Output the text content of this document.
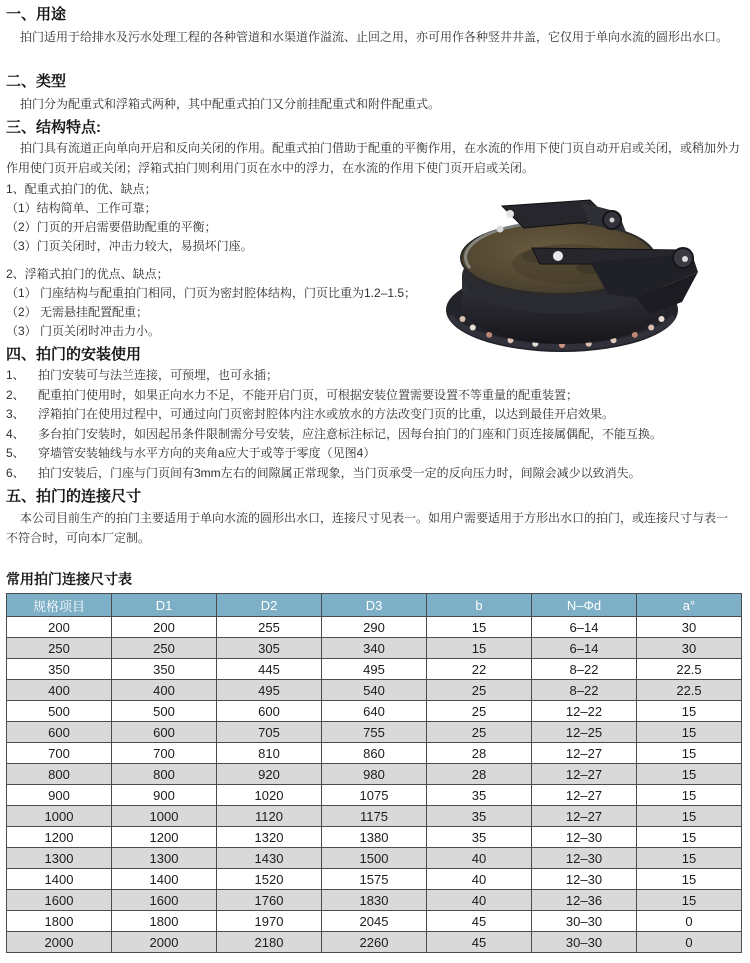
一、用途

拍门适用于给排水及污水处理工程的各种管道和水渠道作溢流、止回之用，亦可用作各种竖井井盖，它仅用于单向水流的圆形出水口。

二、类型

拍门分为配重式和浮箱式两种，其中配重式拍门又分前挂配重式和附件配重式。

三、结构特点:

拍门具有流道正向单向开启和反向关闭的作用。配重式拍门借助于配重的平衡作用，在水流的作用下使门页自动开启或关闭，或稍加外力作用使门页开启或关闭；浮箱式拍门则利用门页在水中的浮力，在水流的作用下使门页开启或关闭。

1、配重式拍门的优、缺点；
（1）结构简单、工作可靠；
（2）门页的开启需要借助配重的平衡；
（3）门页关闭时，冲击力较大，易损坏门座。
2、浮箱式拍门的优点、缺点；
（1） 门座结构与配重拍门相同，门页为密封腔体结构，门页比重为1.2–1.5；
（2） 无需悬挂配置配重；
（3） 门页关闭时冲击力小。
四、拍门的安装使用
1、	拍门安装可与法兰连接，可预埋，也可永插；
2、	配重拍门使用时，如果正向水力不足，不能开启门页，可根据安装位置需要设置不等重量的配重装置；
3、	浮箱拍门在使用过程中，可通过向门页密封腔体内注水或放水的方法改变门页的比重，以达到最佳开启效果。
4、	多台拍门安装时，如因起吊条件限制需分号安装，应注意标注标记，因每台拍门的门座和门页连接属偶配，不能互换。
5、	穿墙管安装轴线与水平方向的夹角a应大于或等于零度（见图4）
6、	拍门安装后，门座与门页间有3mm左右的间隙属正常现象，当门页承受一定的反向压力时，间隙会减少以致消失。
五、拍门的连接尺寸

本公司目前生产的拍门主要适用于单向水流的圆形出水口，连接尺寸见表一。如用户需要适用于方形出水口的拍门，或连接尺寸与表一不符合时，可向本厂定制。

常用拍门连接尺寸表
规格项目	D1	D2	D3	b	N–Φd	a°
200	200	255	290	15	6–14	30
250	250	305	340	15	6–14	30
350	350	445	495	22	8–22	22.5
400	400	495	540	25	8–22	22.5
500	500	600	640	25	12–22	15
600	600	705	755	25	12–25	15
700	700	810	860	28	12–27	15
800	800	920	980	28	12–27	15
900	900	1020	1075	35	12–27	15
1000	1000	1120	1175	35	12–27	15
1200	1200	1320	1380	35	12–30	15
1300	1300	1430	1500	40	12–30	15
1400	1400	1520	1575	40	12–30	15
1600	1600	1760	1830	40	12–36	15
1800	1800	1970	2045	45	30–30	0
2000	2000	2180	2260	45	30–30	0
